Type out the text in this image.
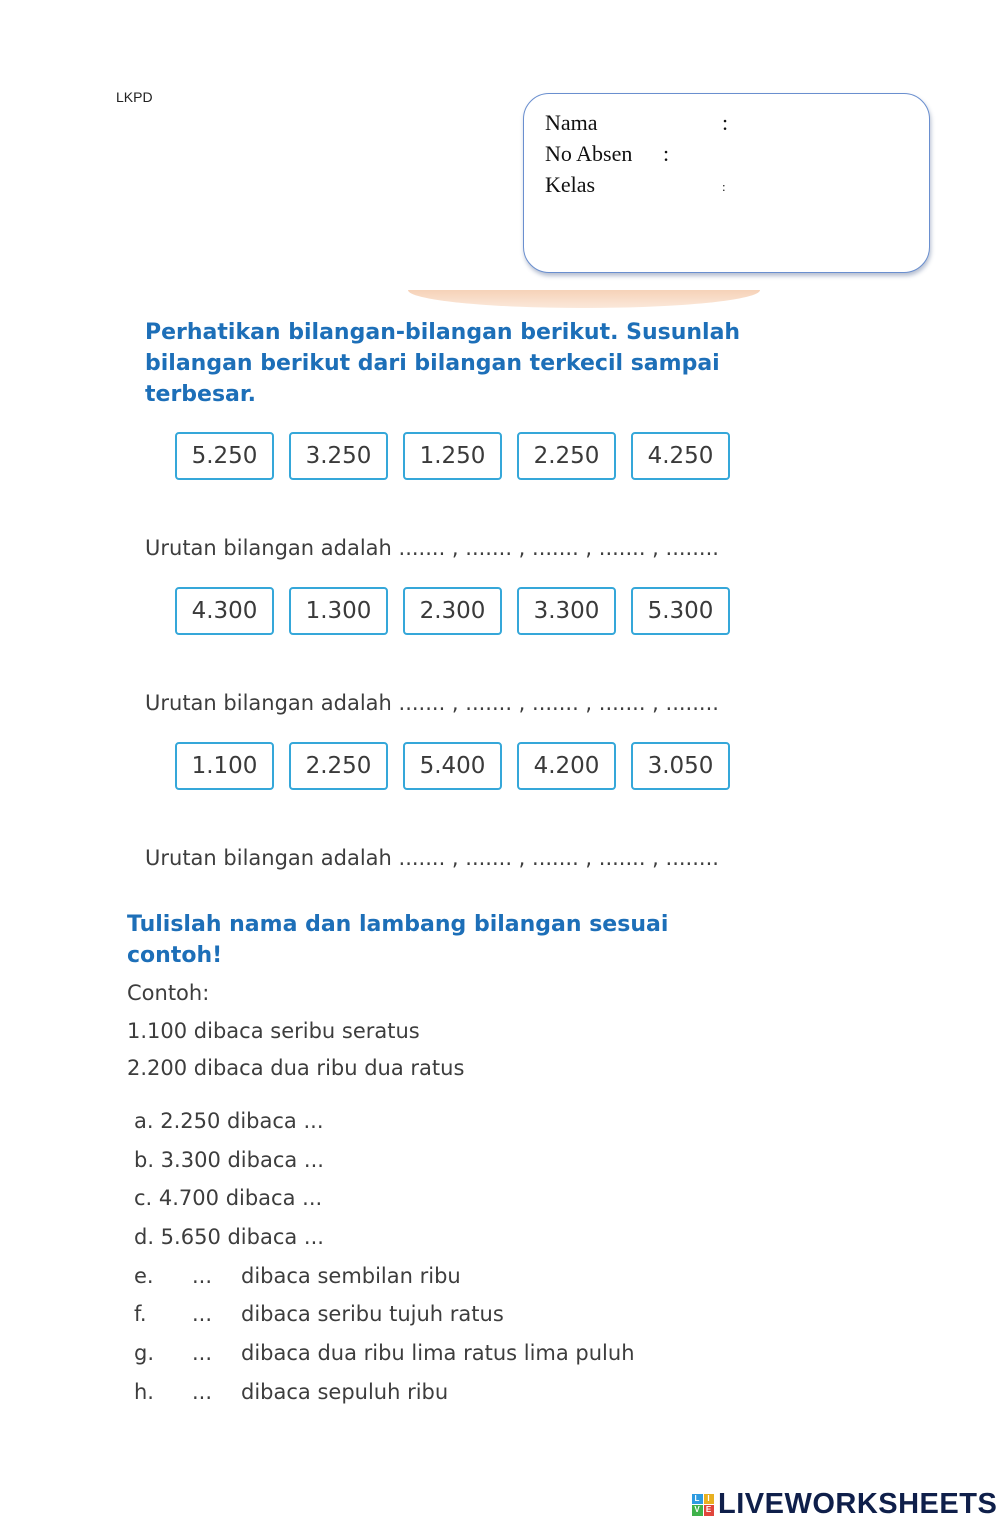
LKPD
Nama	:
No Absen :
Kelas	:
Perhatikan bilangan-bilangan berikut. Susunlah bilangan berikut dari bilangan terkecil sampai terbesar.
5.250	3.250	1.250	2.250	4.250
Urutan bilangan adalah ....... , ....... , ....... , ....... , ........
4.300	1.300	2.300	3.300	5.300
Urutan bilangan adalah ....... , ....... , ....... , ....... , ........
1.100	2.250	5.400	4.200	3.050
Urutan bilangan adalah ....... , ....... , ....... , ....... , ........
Tulislah nama dan lambang bilangan sesuai
contoh!
Contoh:
1.100 dibaca seribu seratus
2.200 dibaca dua ribu dua ratus
a. 2.250 dibaca ...
b. 3.300 dibaca ...
c. 4.700 dibaca ...
d. 5.650 dibaca ...
e. ... dibaca sembilan ribu
f. ... dibaca seribu tujuh ratus
g. ... dibaca dua ribu lima ratus lima puluh
h. ... dibaca sepuluh ribu
L I
V E LIVEWORKSHEETS
